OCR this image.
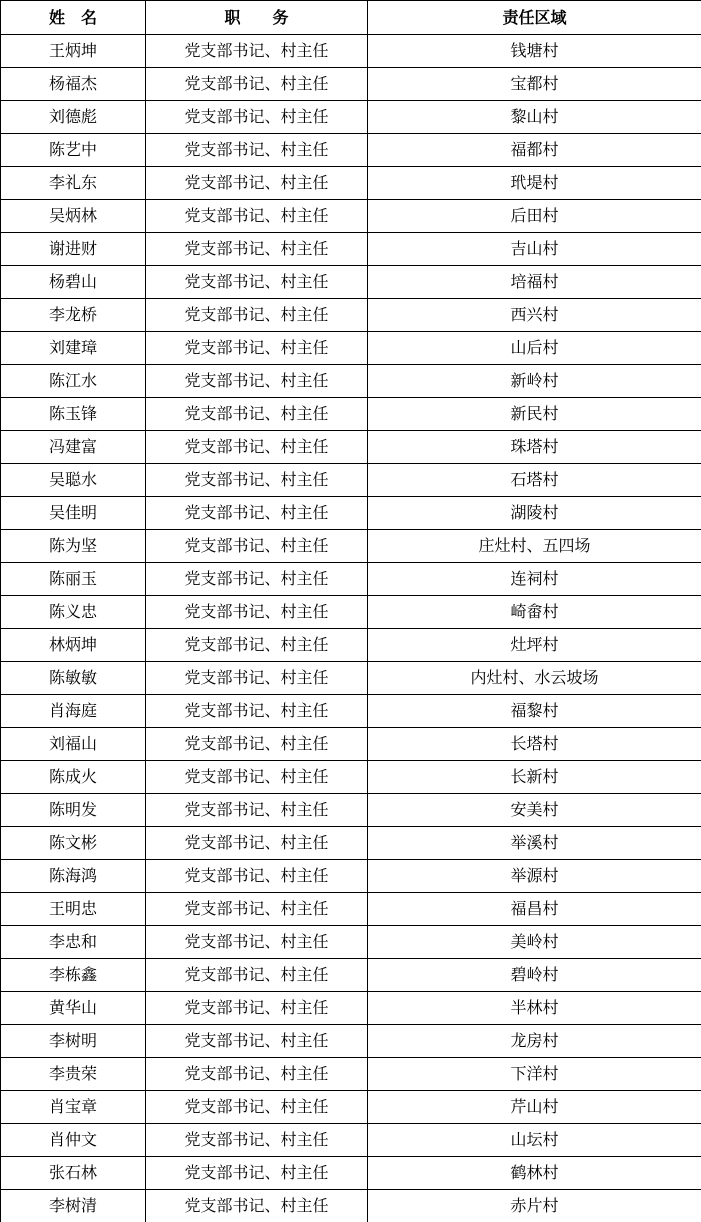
姓　名	职　　务	责任区域
王炳坤	党支部书记、村主任	钱塘村
杨福杰	党支部书记、村主任	宝都村
刘德彪	党支部书记、村主任	黎山村
陈艺中	党支部书记、村主任	福都村
李礼东	党支部书记、村主任	玳堤村
吴炳林	党支部书记、村主任	后田村
谢进财	党支部书记、村主任	吉山村
杨碧山	党支部书记、村主任	培福村
李龙桥	党支部书记、村主任	西兴村
刘建璋	党支部书记、村主任	山后村
陈江水	党支部书记、村主任	新岭村
陈玉锋	党支部书记、村主任	新民村
冯建富	党支部书记、村主任	珠塔村
吴聪水	党支部书记、村主任	石塔村
吴佳明	党支部书记、村主任	湖陵村
陈为坚	党支部书记、村主任	庄灶村、五四场
陈丽玉	党支部书记、村主任	连祠村
陈义忠	党支部书记、村主任	崎畲村
林炳坤	党支部书记、村主任	灶坪村
陈敏敏	党支部书记、村主任	内灶村、水云坡场
肖海庭	党支部书记、村主任	福黎村
刘福山	党支部书记、村主任	长塔村
陈成火	党支部书记、村主任	长新村
陈明发	党支部书记、村主任	安美村
陈文彬	党支部书记、村主任	举溪村
陈海鸿	党支部书记、村主任	举源村
王明忠	党支部书记、村主任	福昌村
李忠和	党支部书记、村主任	美岭村
李栋鑫	党支部书记、村主任	碧岭村
黄华山	党支部书记、村主任	半林村
李树明	党支部书记、村主任	龙房村
李贵荣	党支部书记、村主任	下洋村
肖宝章	党支部书记、村主任	芹山村
肖仲文	党支部书记、村主任	山坛村
张石林	党支部书记、村主任	鹤林村
李树清	党支部书记、村主任	赤片村
